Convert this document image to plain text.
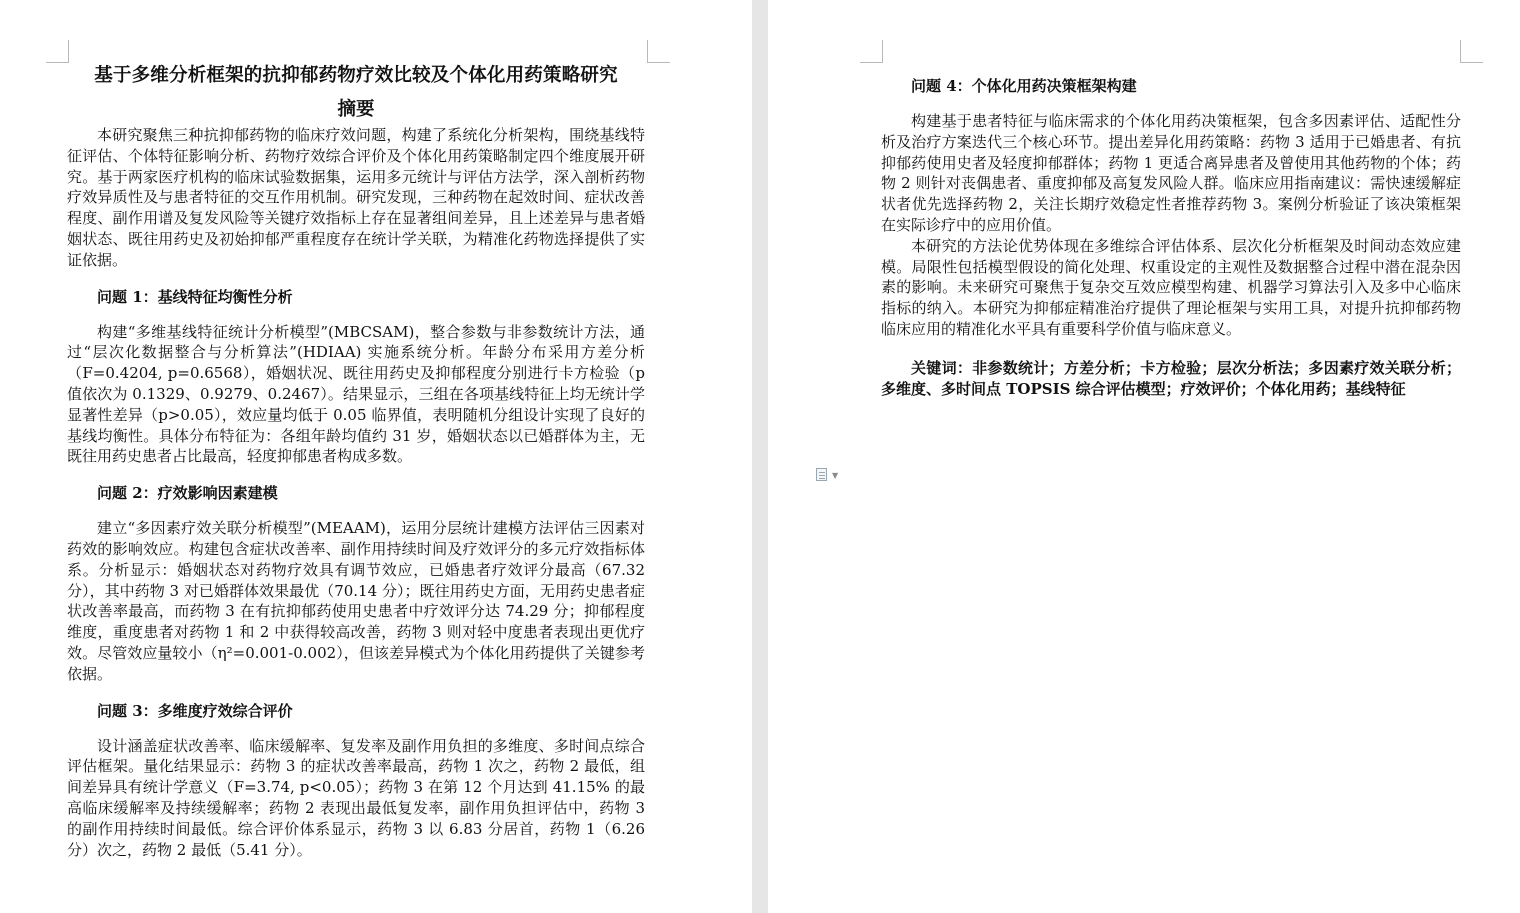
基于多维分析框架的抗抑郁药物疗效比较及个体化用药策略研究
摘要

本研究聚焦三种抗抑郁药物的临床疗效问题，构建了系统化分析架构，围绕基线特征评估、个体特征影响分析、药物疗效综合评价及个体化用药策略制定四个维度展开研究。基于两家医疗机构的临床试验数据集，运用多元统计与评估方法学，深入剖析药物疗效异质性及与患者特征的交互作用机制。研究发现，三种药物在起效时间、症状改善程度、副作用谱及复发风险等关键疗效指标上存在显著组间差异，且上述差异与患者婚姻状态、既往用药史及初始抑郁严重程度存在统计学关联，为精准化药物选择提供了实证依据。

问题 1：基线特征均衡性分析

构建“多维基线特征统计分析模型”(MBCSAM)，整合参数与非参数统计方法，通过“层次化数据整合与分析算法”(HDIAA) 实施系统分析。年龄分布采用方差分析（F=0.4204, p=0.6568），婚姻状况、既往用药史及抑郁程度分别进行卡方检验（p值依次为 0.1329、0.9279、0.2467）。结果显示，三组在各项基线特征上均无统计学显著性差异（p>0.05），效应量均低于 0.05 临界值，表明随机分组设计实现了良好的基线均衡性。具体分布特征为：各组年龄均值约 31 岁，婚姻状态以已婚群体为主，无既往用药史患者占比最高，轻度抑郁患者构成多数。

问题 2：疗效影响因素建模

建立“多因素疗效关联分析模型”(MEAAM)，运用分层统计建模方法评估三因素对药效的影响效应。构建包含症状改善率、副作用持续时间及疗效评分的多元疗效指标体系。分析显示：婚姻状态对药物疗效具有调节效应，已婚患者疗效评分最高（67.32 分），其中药物 3 对已婚群体效果最优（70.14 分）；既往用药史方面，无用药史患者症状改善率最高，而药物 3 在有抗抑郁药使用史患者中疗效评分达 74.29 分；抑郁程度维度，重度患者对药物 1 和 2 中获得较高改善，药物 3 则对轻中度患者表现出更优疗效。尽管效应量较小（η²=0.001-0.002），但该差异模式为个体化用药提供了关键参考依据。

问题 3：多维度疗效综合评价

设计涵盖症状改善率、临床缓解率、复发率及副作用负担的多维度、多时间点综合评估框架。量化结果显示：药物 3 的症状改善率最高，药物 1 次之，药物 2 最低，组间差异具有统计学意义（F=3.74, p<0.05）；药物 3 在第 12 个月达到 41.15% 的最高临床缓解率及持续缓解率；药物 2 表现出最低复发率，副作用负担评估中，药物 3 的副作用持续时间最低。综合评价体系显示，药物 3 以 6.83 分居首，药物 1（6.26 分）次之，药物 2 最低（5.41 分）。

问题 4：个体化用药决策框架构建

构建基于患者特征与临床需求的个体化用药决策框架，包含多因素评估、适配性分析及治疗方案迭代三个核心环节。提出差异化用药策略：药物 3 适用于已婚患者、有抗抑郁药使用史者及轻度抑郁群体；药物 1 更适合离异患者及曾使用其他药物的个体；药物 2 则针对丧偶患者、重度抑郁及高复发风险人群。临床应用指南建议：需快速缓解症状者优先选择药物 2，关注长期疗效稳定性者推荐药物 3。案例分析验证了该决策框架在实际诊疗中的应用价值。

本研究的方法论优势体现在多维综合评估体系、层次化分析框架及时间动态效应建模。局限性包括模型假设的简化处理、权重设定的主观性及数据整合过程中潜在混杂因素的影响。未来研究可聚焦于复杂交互效应模型构建、机器学习算法引入及多中心临床指标的纳入。本研究为抑郁症精准治疗提供了理论框架与实用工具，对提升抗抑郁药物临床应用的精准化水平具有重要科学价值与临床意义。

关键词：非参数统计；方差分析；卡方检验；层次分析法；多因素疗效关联分析；多维度、多时间点 TOPSIS 综合评估模型；疗效评价；个体化用药；基线特征

▼
